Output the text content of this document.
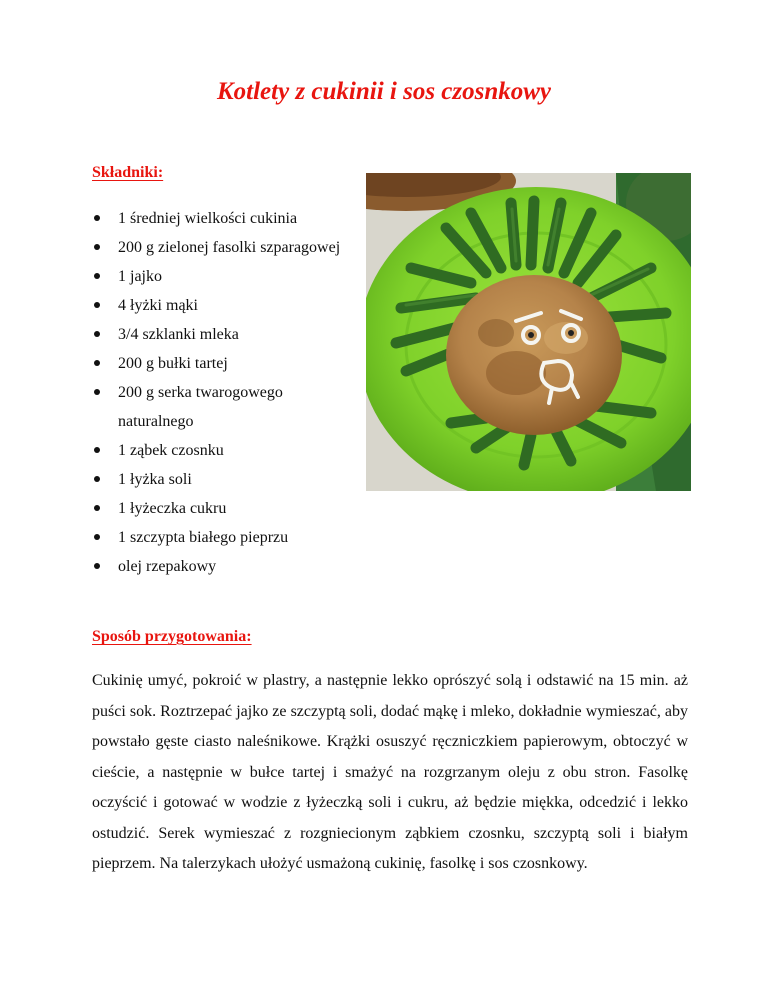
Kotlety z cukinii i sos czosnkowy
Składniki:
1 średniej wielkości cukinia
200 g zielonej fasolki szparagowej
1 jajko
4 łyżki mąki
3/4 szklanki mleka
200 g bułki tartej
200 g serka twarogowego naturalnego
1 ząbek czosnku
1 łyżka soli
1 łyżeczka cukru
1 szczypta białego pieprzu
olej rzepakowy
Sposób przygotowania:

Cukinię umyć, pokroić w plastry, a następnie lekko oprószyć solą i odstawić na 15 min. aż puści sok. Roztrzepać jajko ze szczyptą soli, dodać mąkę i mleko, dokładnie wymieszać, aby powstało gęste ciasto naleśnikowe. Krążki osuszyć ręczniczkiem papierowym, obtoczyć w cieście, a następnie w bułce tartej i smażyć na rozgrzanym oleju z obu stron. Fasolkę oczyścić i gotować w wodzie z łyżeczką soli i cukru, aż będzie miękka, odcedzić i lekko ostudzić. Serek wymieszać z rozgniecionym ząbkiem czosnku, szczyptą soli i białym pieprzem. Na talerzykach ułożyć usmażoną cukinię, fasolkę i sos czosnkowy.
